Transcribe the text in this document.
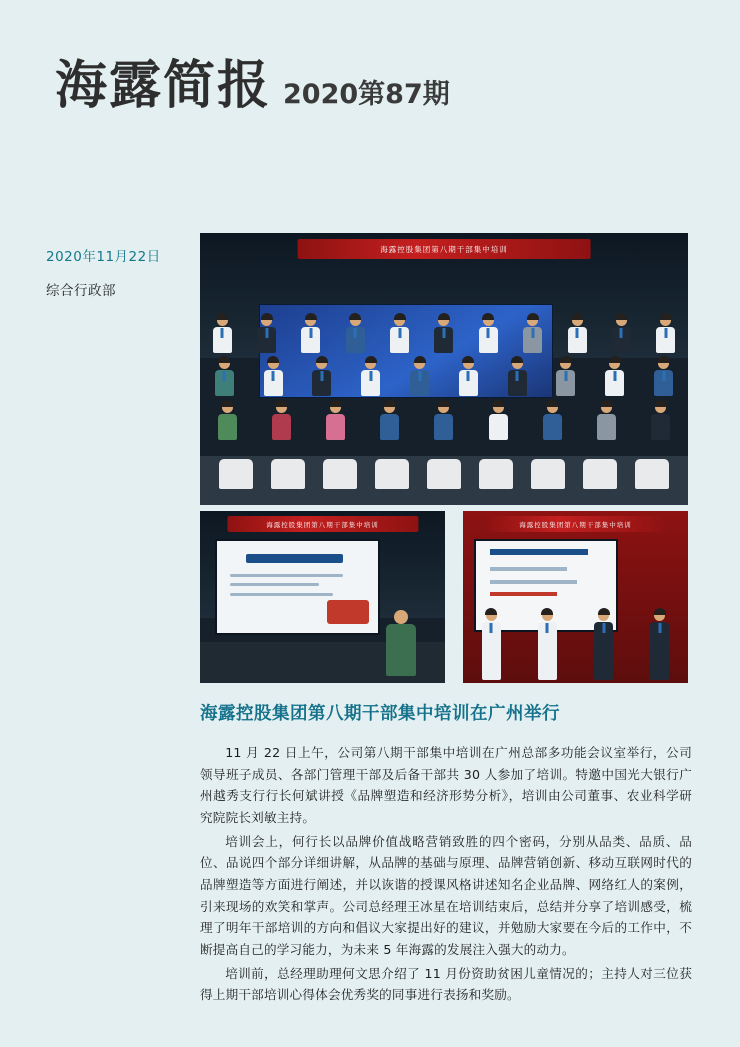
海露简报 2020第87期
2020年11月22日
综合行政部
海露控股集团第八期干部集中培训
海露控股集团第八期干部集中培训	海露控股集团第八期干部集中培训
海露控股集团第八期干部集中培训在广州举行

11 月 22 日上午，公司第八期干部集中培训在广州总部多功能会议室举行，公司领导班子成员、各部门管理干部及后备干部共 30 人参加了培训。特邀中国光大银行广州越秀支行行长何斌讲授《品牌塑造和经济形势分析》，培训由公司董事、农业科学研究院院长刘敏主持。

培训会上，何行长以品牌价值战略营销致胜的四个密码，分别从品类、品质、品位、品说四个部分详细讲解，从品牌的基础与原理、品牌营销创新、移动互联网时代的品牌塑造等方面进行阐述，并以诙谐的授课风格讲述知名企业品牌、网络红人的案例，引来现场的欢笑和掌声。公司总经理王冰星在培训结束后，总结并分享了培训感受，梳理了明年干部培训的方向和倡议大家提出好的建议，并勉励大家要在今后的工作中，不断提高自己的学习能力，为未来 5 年海露的发展注入强大的动力。

培训前，总经理助理何文思介绍了 11 月份资助贫困儿童情况的；主持人对三位获得上期干部培训心得体会优秀奖的同事进行表扬和奖励。
